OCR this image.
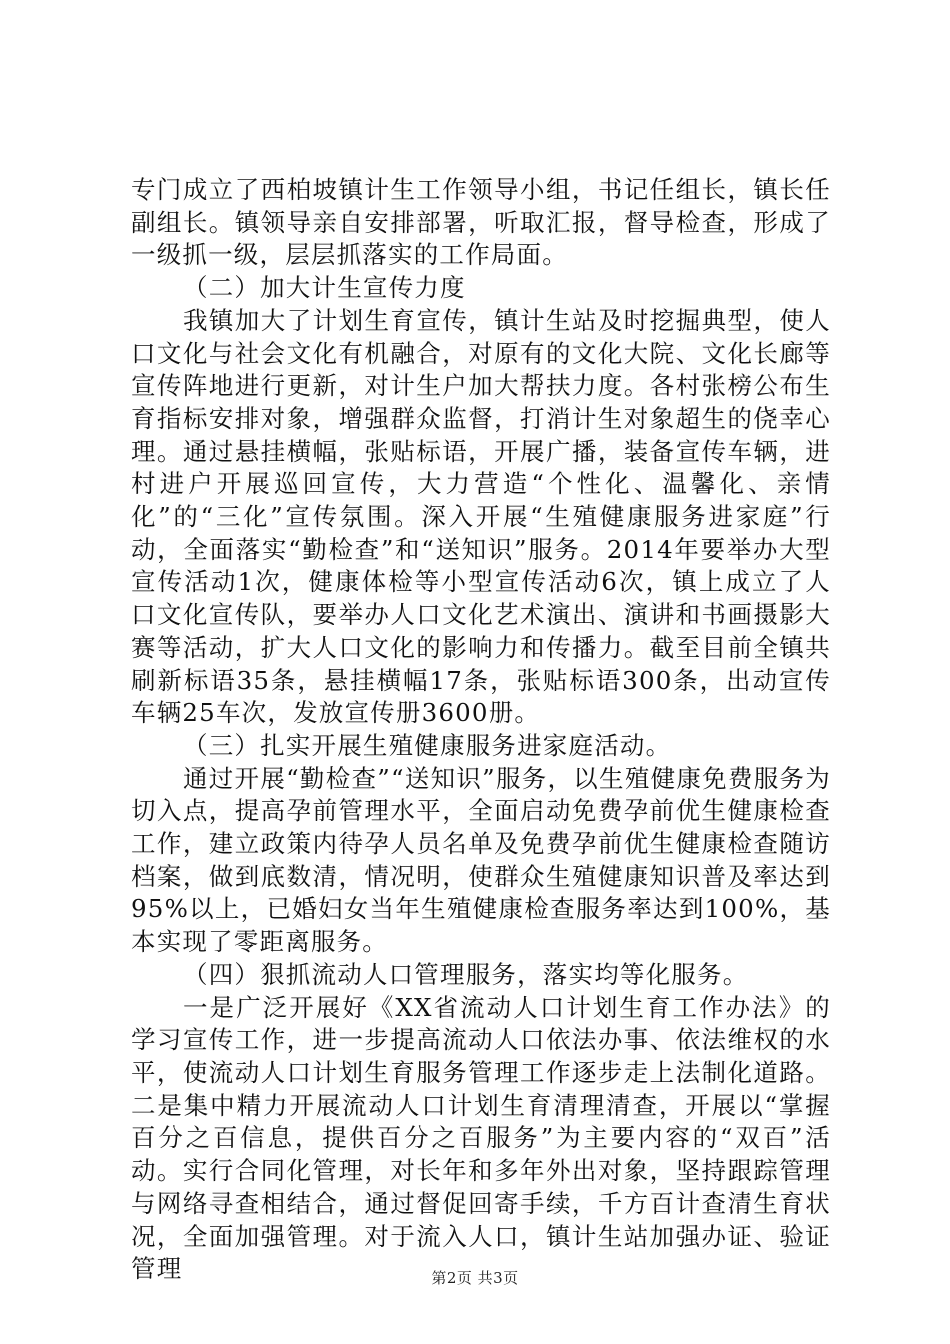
专门成立了西柏坡镇计生工作领导小组，书记任组长，镇长任副组长。镇领导亲自安排部署，听取汇报，督导检查，形成了一级抓一级，层层抓落实的工作局面。

（二）加大计生宣传力度

我镇加大了计划生育宣传，镇计生站及时挖掘典型，使人口文化与社会文化有机融合，对原有的文化大院、文化长廊等宣传阵地进行更新，对计生户加大帮扶力度。各村张榜公布生育指标安排对象，增强群众监督，打消计生对象超生的侥幸心理。通过悬挂横幅，张贴标语，开展广播，装备宣传车辆，进村进户开展巡回宣传，大力营造“个性化、温馨化、亲情化”的“三化”宣传氛围。深入开展“生殖健康服务进家庭”行动，全面落实“勤检查”和“送知识”服务。2014年要举办大型宣传活动1次，健康体检等小型宣传活动6次，镇上成立了人口文化宣传队，要举办人口文化艺术演出、演讲和书画摄影大赛等活动，扩大人口文化的影响力和传播力。截至目前全镇共刷新标语35条，悬挂横幅17条，张贴标语300条，出动宣传车辆25车次，发放宣传册3600册。

（三）扎实开展生殖健康服务进家庭活动。

通过开展“勤检查”“送知识”服务，以生殖健康免费服务为切入点，提高孕前管理水平，全面启动免费孕前优生健康检查工作，建立政策内待孕人员名单及免费孕前优生健康检查随访档案，做到底数清，情况明，使群众生殖健康知识普及率达到95%以上，已婚妇女当年生殖健康检查服务率达到100%，基本实现了零距离服务。

（四）狠抓流动人口管理服务，落实均等化服务。

一是广泛开展好《XX省流动人口计划生育工作办法》的学习宣传工作，进一步提高流动人口依法办事、依法维权的水平，使流动人口计划生育服务管理工作逐步走上法制化道路。二是集中精力开展流动人口计划生育清理清查，开展以“掌握百分之百信息，提供百分之百服务”为主要内容的“双百”活动。实行合同化管理，对长年和多年外出对象，坚持跟踪管理与网络寻查相结合，通过督促回寄手续，千方百计查清生育状况，全面加强管理。对于流入人口，镇计生站加强办证、验证管理	第2页 共3页
